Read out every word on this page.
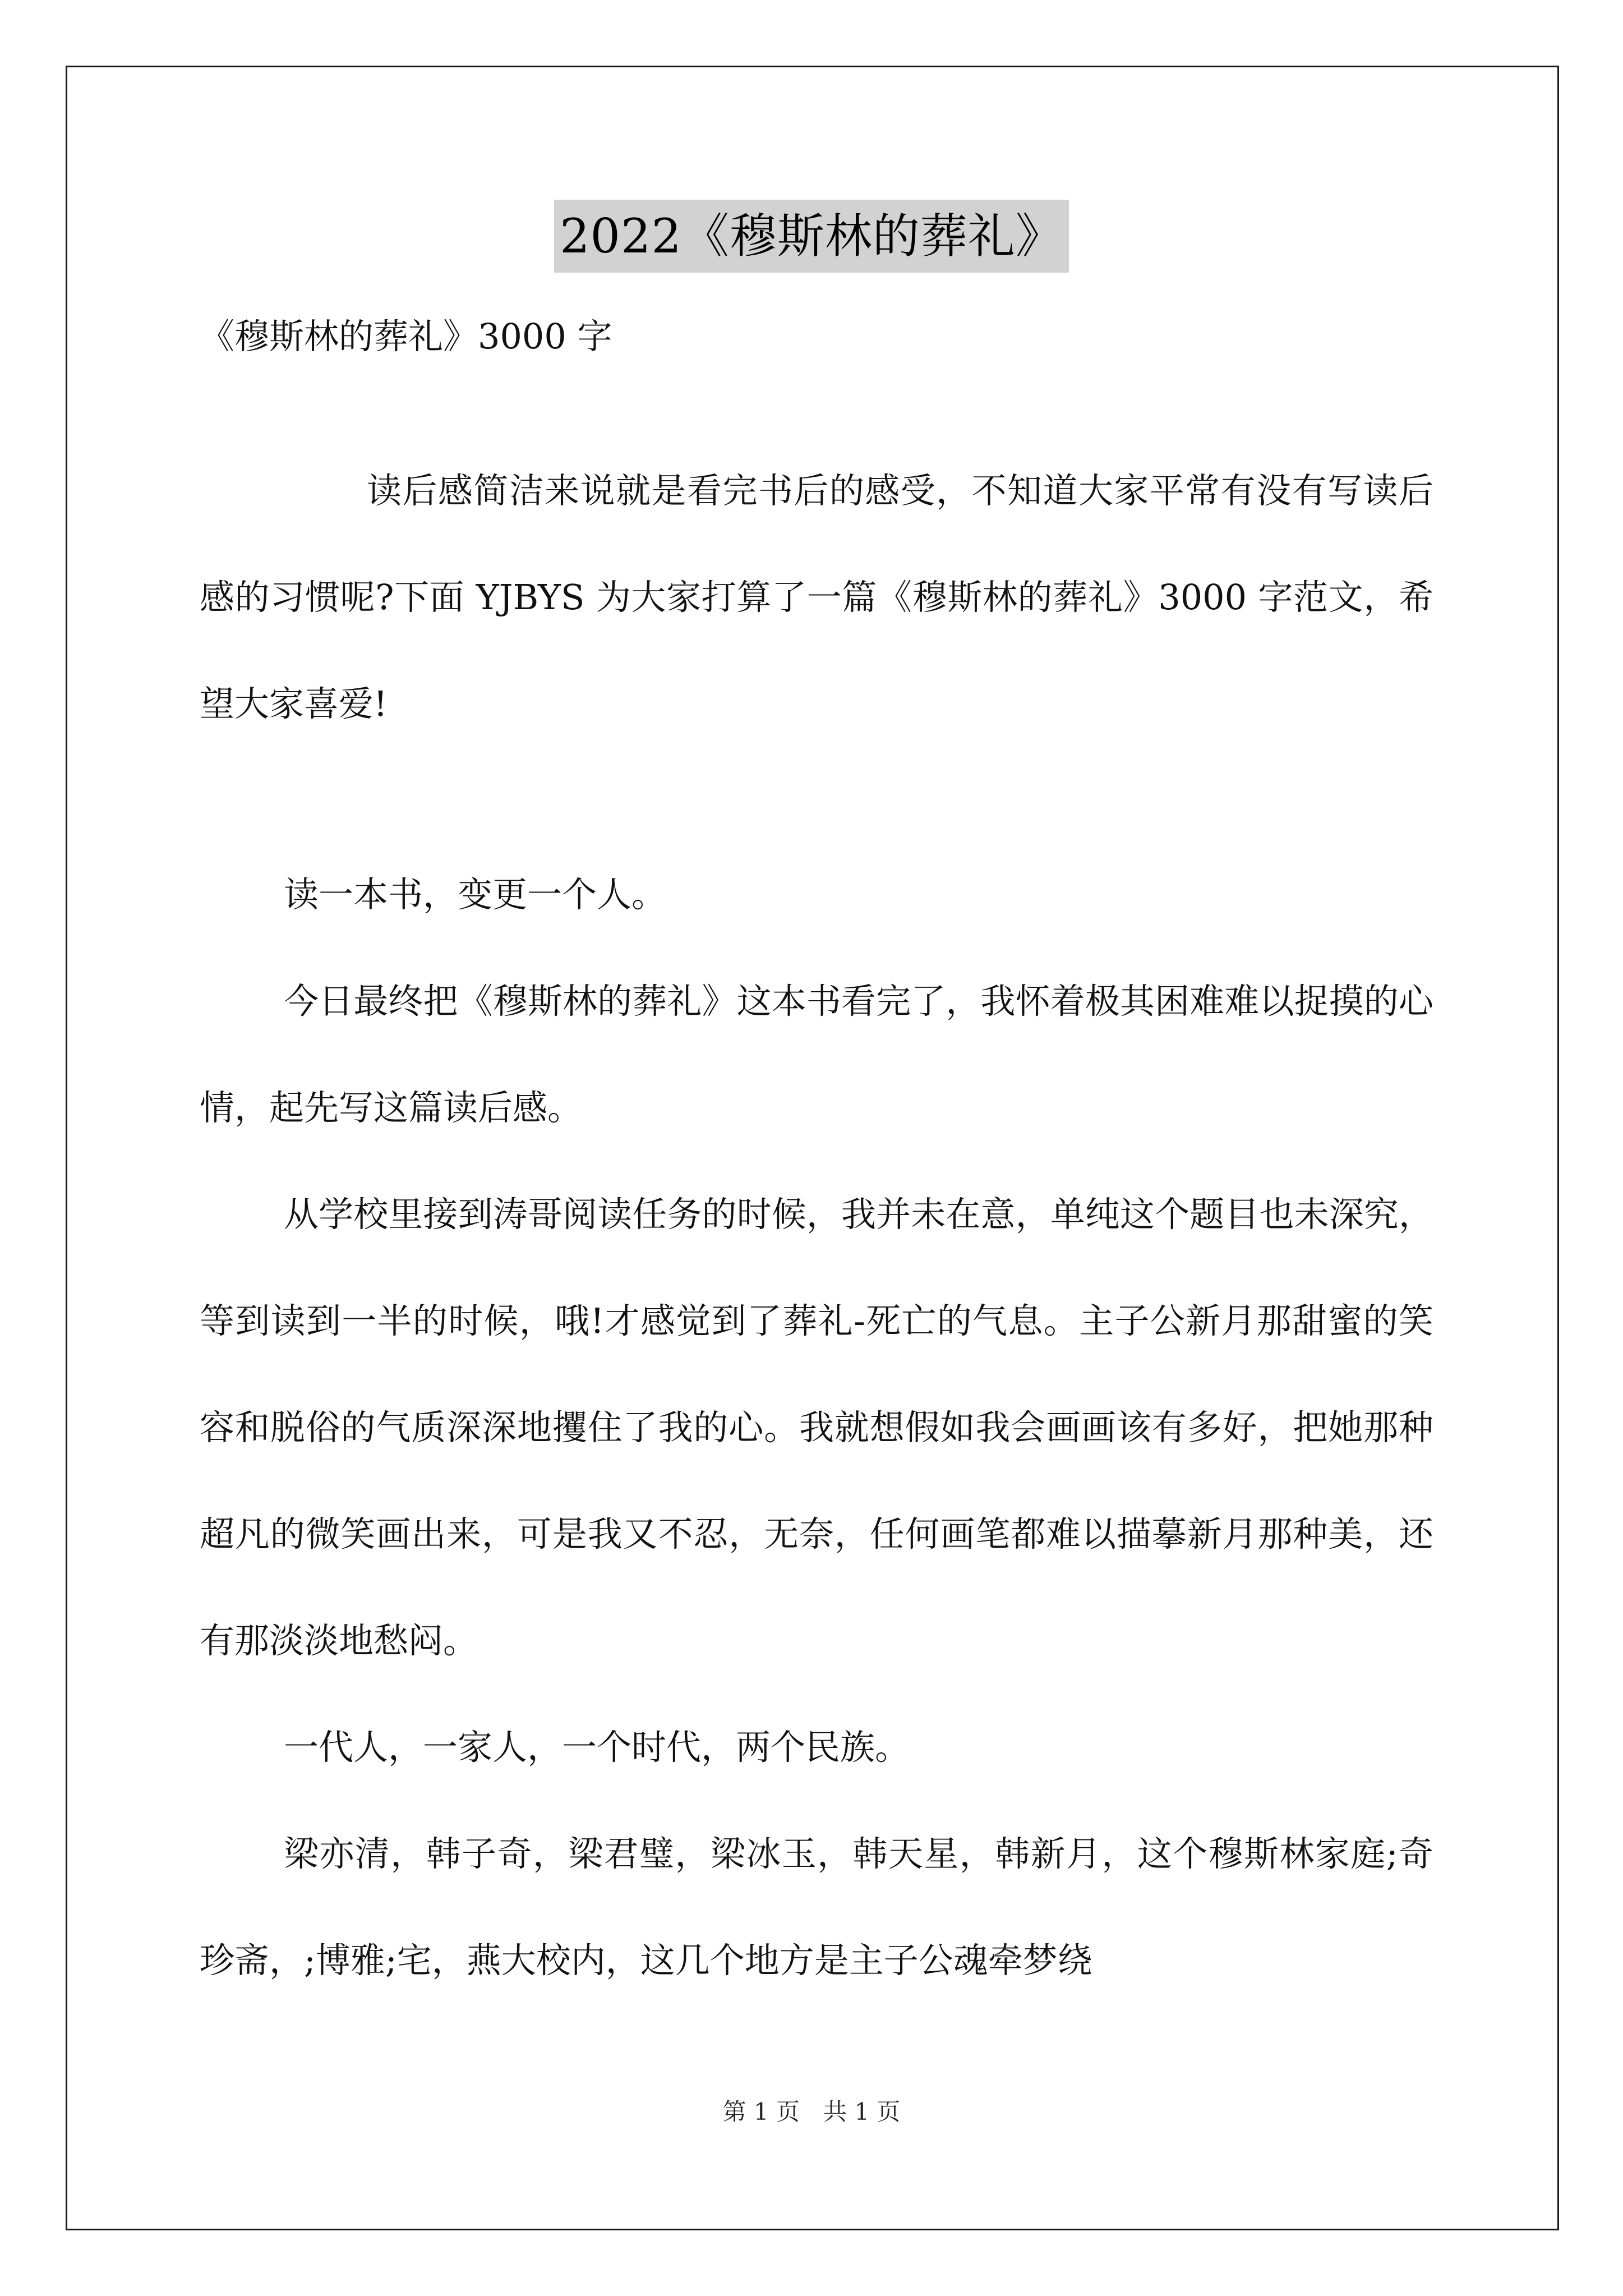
2022《穆斯林的葬礼》
《穆斯林的葬礼》3000 字

读后感简洁来说就是看完书后的感受，不知道大家平常有没有写读后感的习惯呢?下面 YJBYS 为大家打算了一篇《穆斯林的葬礼》3000 字范文，希望大家喜爱!

读一本书，变更一个人。

今日最终把《穆斯林的葬礼》这本书看完了，我怀着极其困难难以捉摸的心情，起先写这篇读后感。

从学校里接到涛哥阅读任务的时候，我并未在意，单纯这个题目也未深究，等到读到一半的时候，哦!才感觉到了葬礼-死亡的气息。主子公新月那甜蜜的笑容和脱俗的气质深深地攫住了我的心。我就想假如我会画画该有多好，把她那种超凡的微笑画出来，可是我又不忍，无奈，任何画笔都难以描摹新月那种美，还有那淡淡地愁闷。

一代人，一家人，一个时代，两个民族。

梁亦清，韩子奇，梁君璧，梁冰玉，韩天星，韩新月，这个穆斯林家庭;奇珍斋，;博雅;宅，燕大校内，这几个地方是主子公魂牵梦绕

第 1 页　共 1 页
